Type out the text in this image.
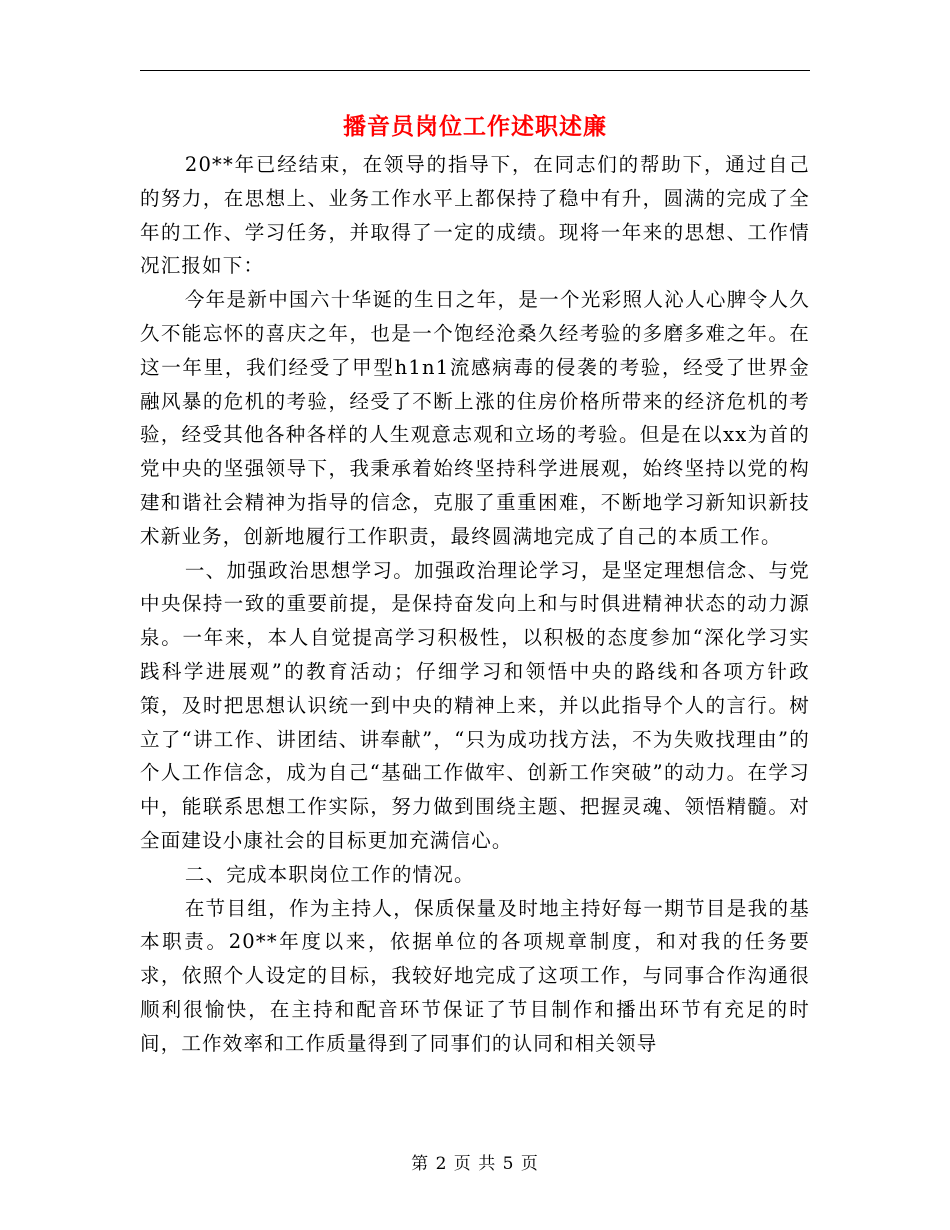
播音员岗位工作述职述廉

20**年已经结束，在领导的指导下，在同志们的帮助下，通过自己的努力，在思想上、业务工作水平上都保持了稳中有升，圆满的完成了全年的工作、学习任务，并取得了一定的成绩。现将一年来的思想、工作情况汇报如下：

今年是新中国六十华诞的生日之年，是一个光彩照人沁人心脾令人久久不能忘怀的喜庆之年，也是一个饱经沧桑久经考验的多磨多难之年。在这一年里，我们经受了甲型h1n1流感病毒的侵袭的考验，经受了世界金融风暴的危机的考验，经受了不断上涨的住房价格所带来的经济危机的考验，经受其他各种各样的人生观意志观和立场的考验。但是在以xx为首的党中央的坚强领导下，我秉承着始终坚持科学进展观，始终坚持以党的构建和谐社会精神为指导的信念，克服了重重困难，不断地学习新知识新技术新业务，创新地履行工作职责，最终圆满地完成了自己的本质工作。

一、加强政治思想学习。加强政治理论学习，是坚定理想信念、与党中央保持一致的重要前提，是保持奋发向上和与时俱进精神状态的动力源泉。一年来，本人自觉提高学习积极性，以积极的态度参加“深化学习实践科学进展观”的教育活动；仔细学习和领悟中央的路线和各项方针政策，及时把思想认识统一到中央的精神上来，并以此指导个人的言行。树立了“讲工作、讲团结、讲奉献”，“只为成功找方法，不为失败找理由”的个人工作信念，成为自己“基础工作做牢、创新工作突破”的动力。在学习中，能联系思想工作实际，努力做到围绕主题、把握灵魂、领悟精髓。对全面建设小康社会的目标更加充满信心。

二、完成本职岗位工作的情况。

在节目组，作为主持人，保质保量及时地主持好每一期节目是我的基本职责。20**年度以来，依据单位的各项规章制度，和对我的任务要求，依照个人设定的目标，我较好地完成了这项工作，与同事合作沟通很顺利很愉快，在主持和配音环节保证了节目制作和播出环节有充足的时间，工作效率和工作质量得到了同事们的认同和相关领导

第 2 页 共 5 页
